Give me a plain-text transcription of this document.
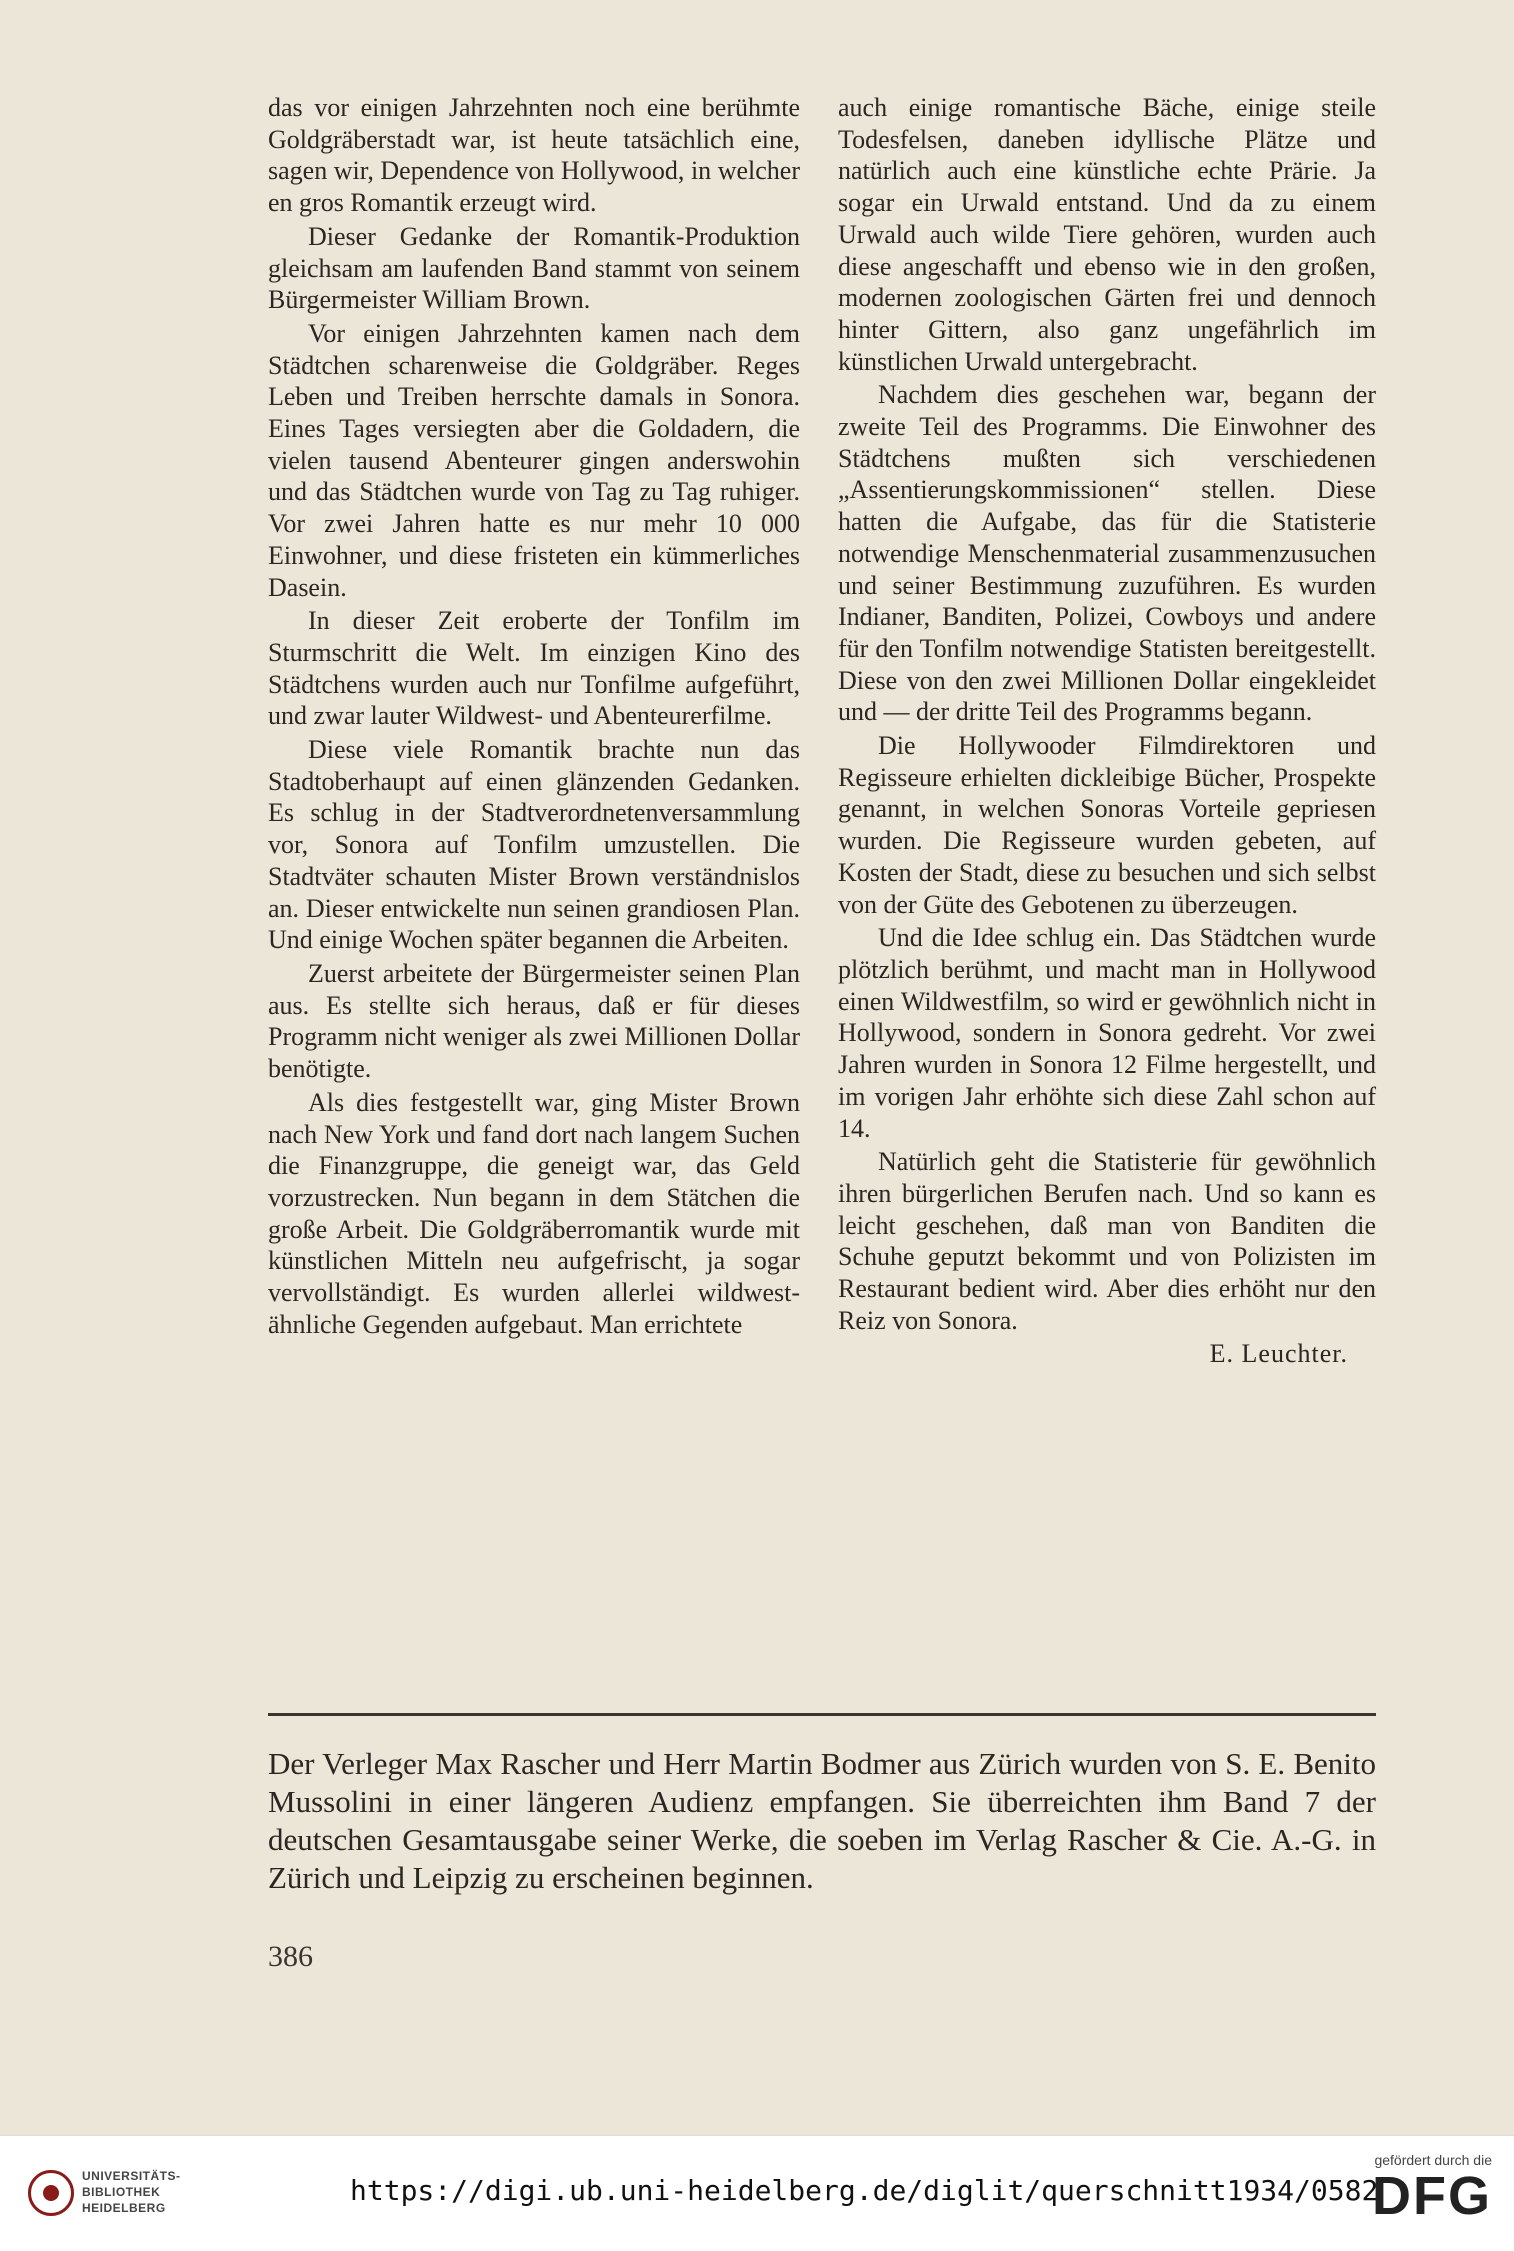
das vor einigen Jahrzehnten noch eine berühmte Goldgräberstadt war, ist heute tatsächlich eine, sagen wir, Dependence von Hollywood, in welcher en gros Romantik erzeugt wird.

Dieser Gedanke der Romantik-Produktion gleichsam am laufenden Band stammt von seinem Bürgermeister William Brown.

Vor einigen Jahrzehnten kamen nach dem Städtchen scharenweise die Goldgräber. Reges Leben und Treiben herrschte damals in Sonora. Eines Tages versiegten aber die Goldadern, die vielen tausend Abenteurer gingen anderswohin und das Städtchen wurde von Tag zu Tag ruhiger. Vor zwei Jahren hatte es nur mehr 10 000 Einwohner, und diese fristeten ein kümmerliches Dasein.

In dieser Zeit eroberte der Tonfilm im Sturmschritt die Welt. Im einzigen Kino des Städtchens wurden auch nur Tonfilme aufgeführt, und zwar lauter Wildwest- und Abenteurerfilme.

Diese viele Romantik brachte nun das Stadtoberhaupt auf einen glänzenden Gedanken. Es schlug in der Stadtverordnetenversammlung vor, Sonora auf Tonfilm umzustellen. Die Stadtväter schauten Mister Brown verständnislos an. Dieser entwickelte nun seinen grandiosen Plan. Und einige Wochen später begannen die Arbeiten.

Zuerst arbeitete der Bürgermeister seinen Plan aus. Es stellte sich heraus, daß er für dieses Programm nicht weniger als zwei Millionen Dollar benötigte.

Als dies festgestellt war, ging Mister Brown nach New York und fand dort nach langem Suchen die Finanzgruppe, die geneigt war, das Geld vorzustrecken. Nun begann in dem Stätchen die große Arbeit. Die Goldgräberromantik wurde mit künstlichen Mitteln neu aufgefrischt, ja sogar vervollständigt. Es wurden allerlei wildwest-ähnliche Gegenden aufgebaut. Man errichtete

auch einige romantische Bäche, einige steile Todesfelsen, daneben idyllische Plätze und natürlich auch eine künstliche echte Prärie. Ja sogar ein Urwald entstand. Und da zu einem Urwald auch wilde Tiere gehören, wurden auch diese angeschafft und ebenso wie in den großen, modernen zoologischen Gärten frei und dennoch hinter Gittern, also ganz ungefährlich im künstlichen Urwald untergebracht.

Nachdem dies geschehen war, begann der zweite Teil des Programms. Die Einwohner des Städtchens mußten sich verschiedenen „Assentierungskommissionen“ stellen. Diese hatten die Aufgabe, das für die Statisterie notwendige Menschenmaterial zusammenzusuchen und seiner Bestimmung zuzuführen. Es wurden Indianer, Banditen, Polizei, Cowboys und andere für den Tonfilm notwendige Statisten bereitgestellt. Diese von den zwei Millionen Dollar eingekleidet und — der dritte Teil des Programms begann.

Die Hollywooder Filmdirektoren und Regisseure erhielten dickleibige Bücher, Prospekte genannt, in welchen Sonoras Vorteile gepriesen wurden. Die Regisseure wurden gebeten, auf Kosten der Stadt, diese zu besuchen und sich selbst von der Güte des Gebotenen zu überzeugen.

Und die Idee schlug ein. Das Städtchen wurde plötzlich berühmt, und macht man in Hollywood einen Wildwestfilm, so wird er gewöhnlich nicht in Hollywood, sondern in Sonora gedreht. Vor zwei Jahren wurden in Sonora 12 Filme hergestellt, und im vorigen Jahr erhöhte sich diese Zahl schon auf 14.

Natürlich geht die Statisterie für gewöhnlich ihren bürgerlichen Berufen nach. Und so kann es leicht geschehen, daß man von Banditen die Schuhe geputzt bekommt und von Polizisten im Restaurant bedient wird. Aber dies erhöht nur den Reiz von Sonora.

E. Leuchter.

Der Verleger Max Rascher und Herr Martin Bodmer aus Zürich wurden von S. E. Benito Mussolini in einer längeren Audienz empfangen. Sie überreichten ihm Band 7 der deutschen Gesamtausgabe seiner Werke, die soeben im Verlag Rascher & Cie. A.-G. in Zürich und Leipzig zu erscheinen beginnen.
386
UNIVERSITÄTS-
BIBLIOTHEK
HEIDELBERG
https://digi.ub.uni-heidelberg.de/diglit/querschnitt1934/0582
gefördert durch die
DFG
